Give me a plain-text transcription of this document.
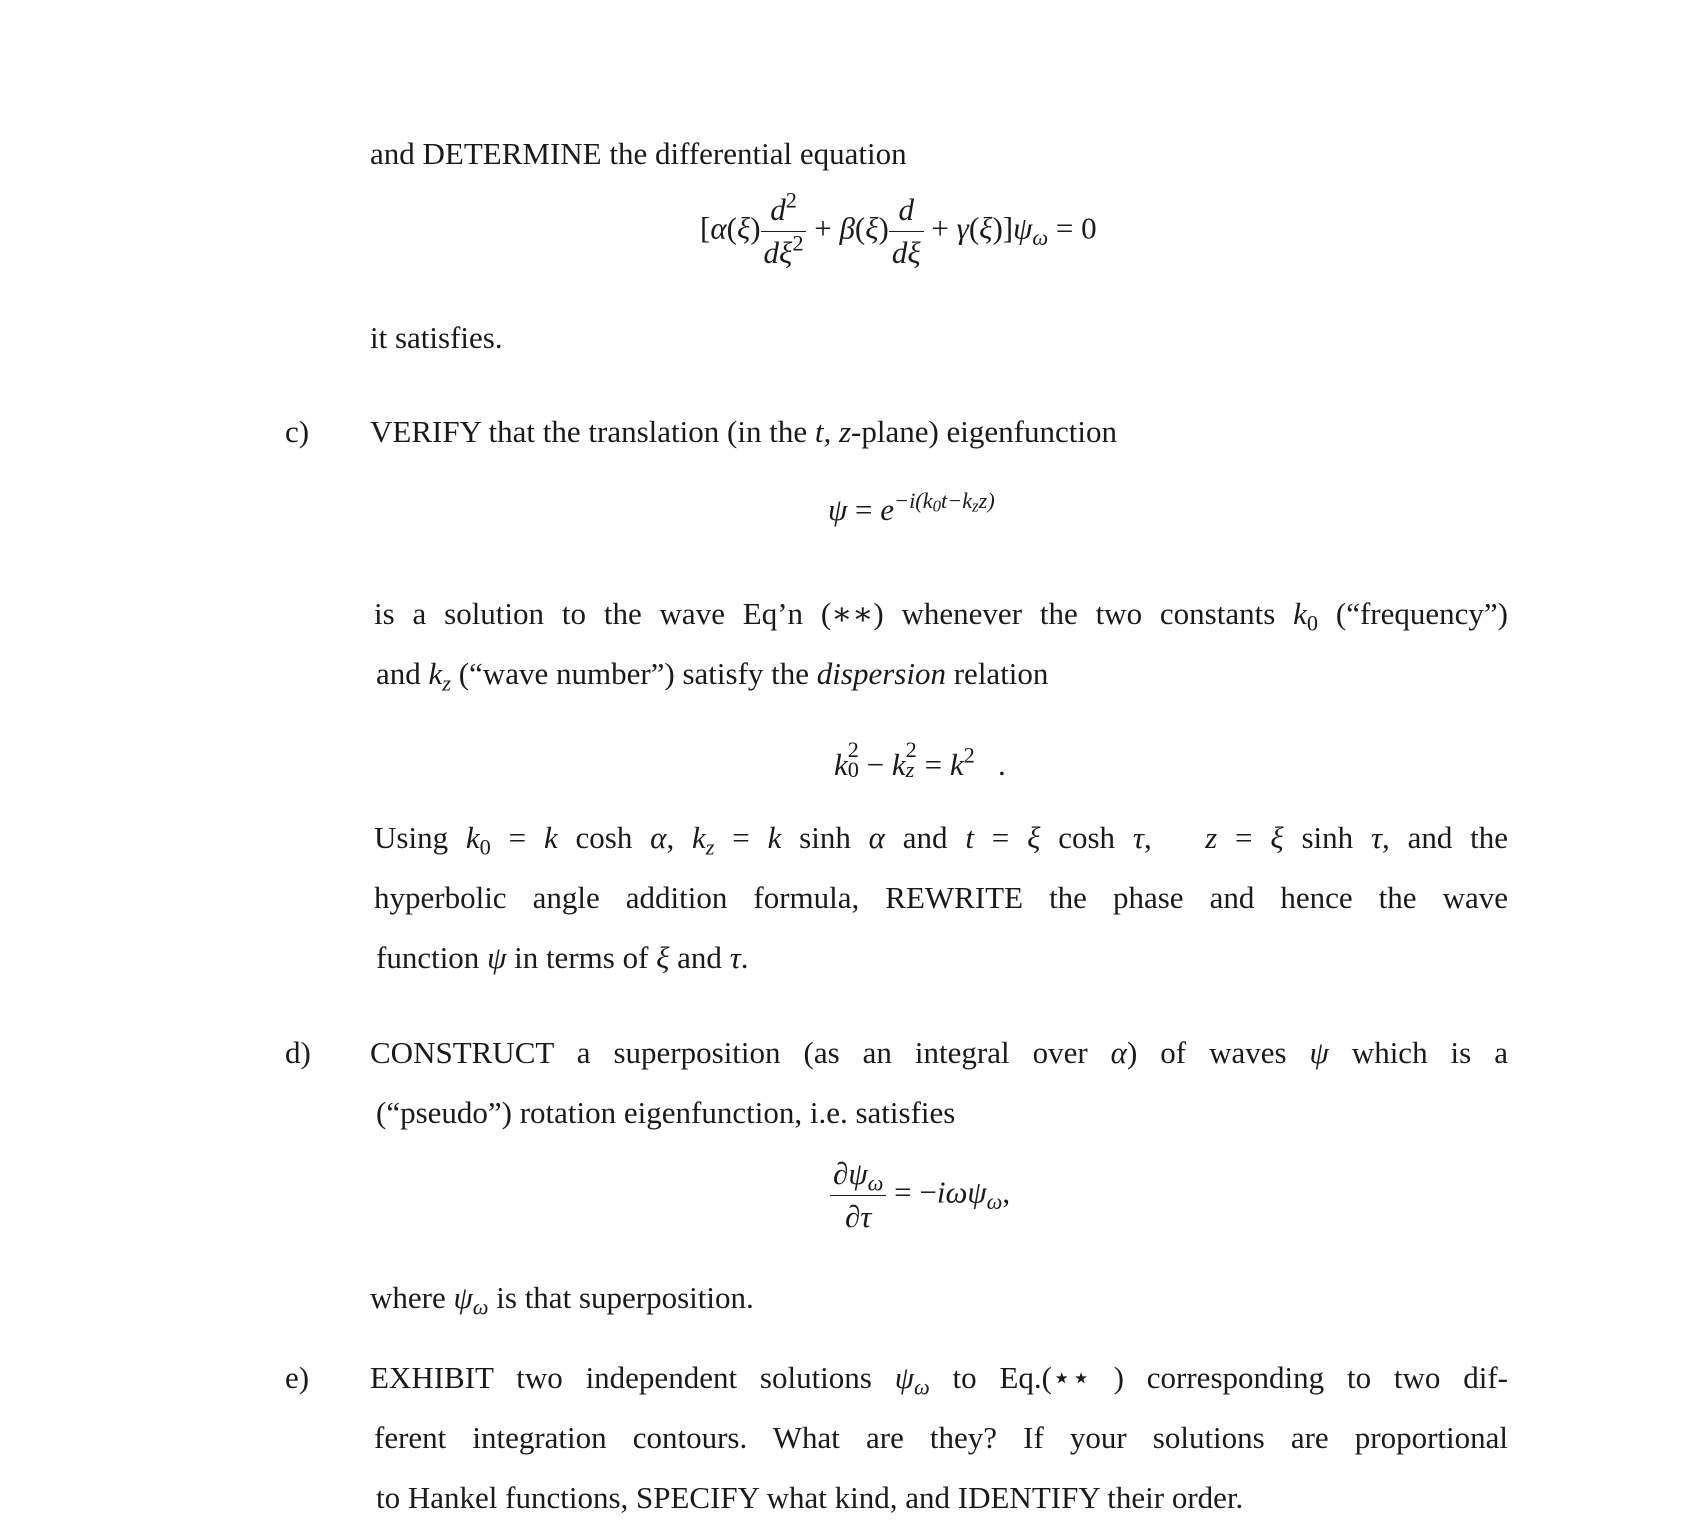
and DETERMINE the differential equation
$[\alpha(\xi) \frac{d^2}{d\xi^2} + \beta(\xi) \frac{d}{d\xi} + \gamma(\xi)]\psi_\omega = 0$
it satisfies.
c) VERIFY that the translation (in the t, z-plane) eigenfunction
$\psi = e^{-i(k0t-kzz)}$
is a solution to the wave Eq’n (∗∗) whenever the two constants $k_0$ (“frequency”)
and $k_z$ (“wave number”) satisfy the dispersion relation
k 2
0 − k 2
$z = k^2$   .
Using $k_0 = k$ cosh α, $k_z = k$ sinh α and t = ξ cosh τ,   z = ξ sinh τ, and the
hyperbolic angle addition formula, REWRITE the phase and hence the wave
function ψ in terms of ξ and τ.
d) CONSTRUCT a superposition (as an integral over α) of waves ψ which is a
(“pseudo”) rotation eigenfunction, i.e. satisfies
$\frac{\partial\psi_\omega}{\partial\tau} = -i\omega\psi_\omega$,
where $\psi_\omega$ is that superposition.
e) EXHIBIT two independent solutions $\psi_\omega$ to Eq.(⋆⋆ ) corresponding to two dif-
ferent integration contours. What are they? If your solutions are proportional
to Hankel functions, SPECIFY what kind, and IDENTIFY their order.
